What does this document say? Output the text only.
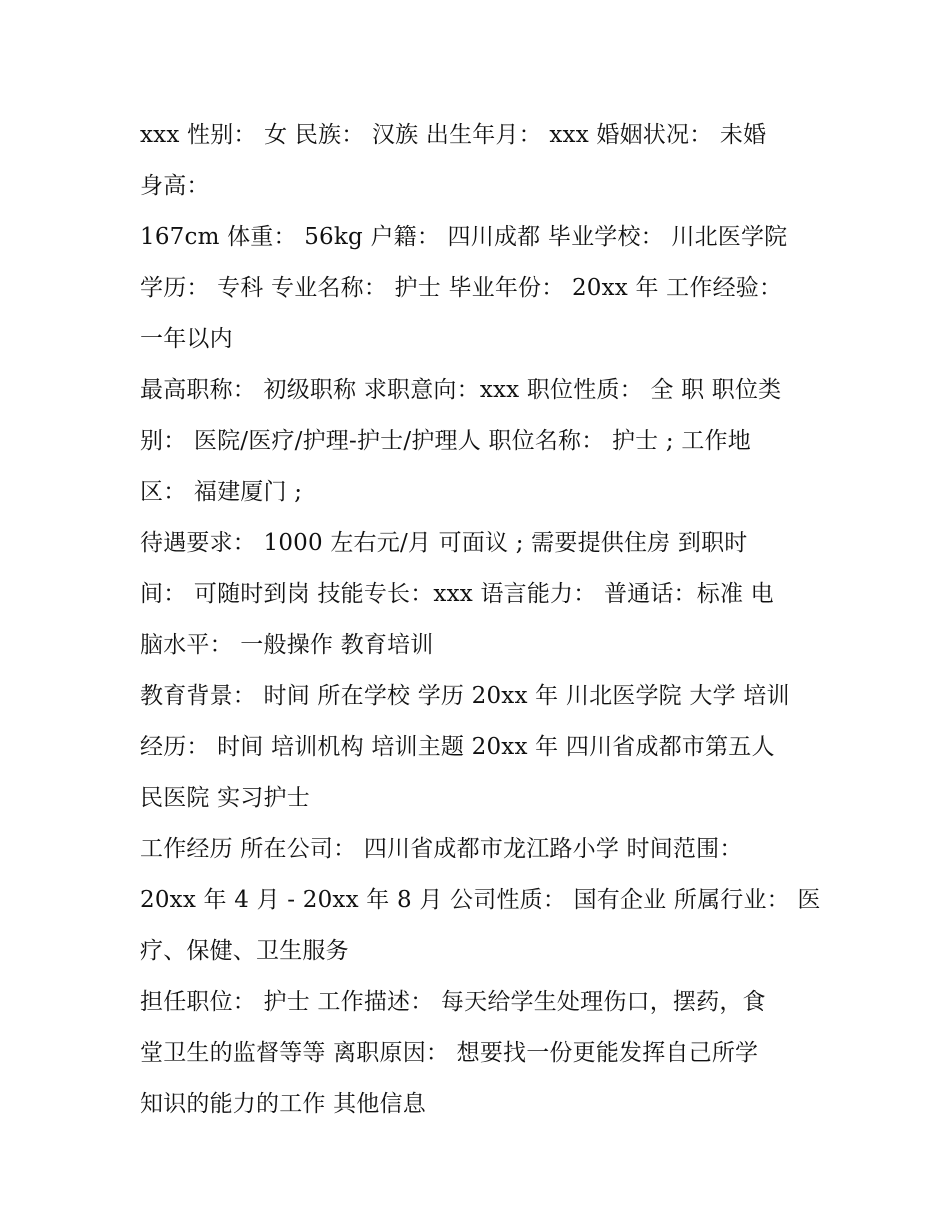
xxx 性别： 女 民族： 汉族 出生年月： xxx 婚姻状况： 未婚
身高：
167cm 体重： 56kg 户籍： 四川成都 毕业学校： 川北医学院
学历： 专科 专业名称： 护士 毕业年份： 20xx 年 工作经验：
一年以内
最高职称： 初级职称 求职意向：xxx 职位性质： 全 职 职位类
别： 医院/医疗/护理-护士/护理人 职位名称： 护士 ; 工作地
区： 福建厦门 ;
待遇要求： 1000 左右元/月 可面议 ; 需要提供住房 到职时
间： 可随时到岗 技能专长：xxx 语言能力： 普通话：标准 电
脑水平： 一般操作 教育培训
教育背景： 时间 所在学校 学历 20xx 年 川北医学院 大学 培训
经历： 时间 培训机构 培训主题 20xx 年 四川省成都市第五人
民医院 实习护士
工作经历 所在公司： 四川省成都市龙江路小学 时间范围：
20xx 年 4 月 - 20xx 年 8 月 公司性质： 国有企业 所属行业： 医
疗、保健、卫生服务
担任职位： 护士 工作描述： 每天给学生处理伤口，摆药，食
堂卫生的监督等等 离职原因： 想要找一份更能发挥自己所学
知识的能力的工作 其他信息
